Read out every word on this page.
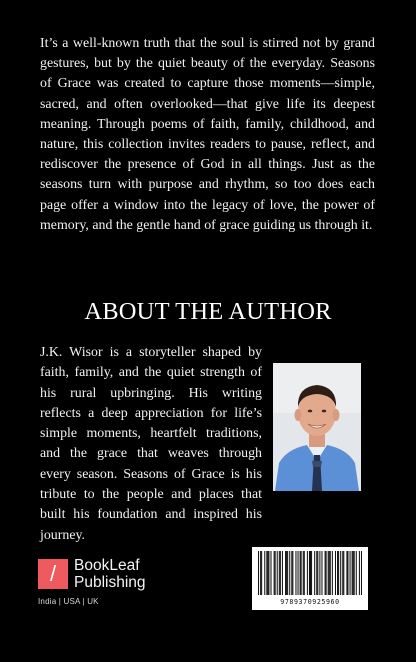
It’s a well-known truth that the soul is stirred not by grand gestures, but by the quiet beauty of the everyday. Seasons of Grace was created to capture those moments—simple, sacred, and often overlooked—that give life its deepest meaning. Through poems of faith, family, childhood, and nature, this collection invites readers to pause, reflect, and rediscover the presence of God in all things. Just as the seasons turn with purpose and rhythm, so too does each page offer a window into the legacy of love, the power of memory, and the gentle hand of grace guiding us through it.

ABOUT THE AUTHOR

J.K. Wisor is a storyteller shaped by faith, family, and the quiet strength of his rural upbringing. His writing reflects a deep appreciation for life’s simple moments, heartfelt traditions, and the grace that weaves through every season. Seasons of Grace is his tribute to the people and places that built his foundation and inspired his journey.

/ BookLeaf
Publishing
India | USA | UK	9789370925960
